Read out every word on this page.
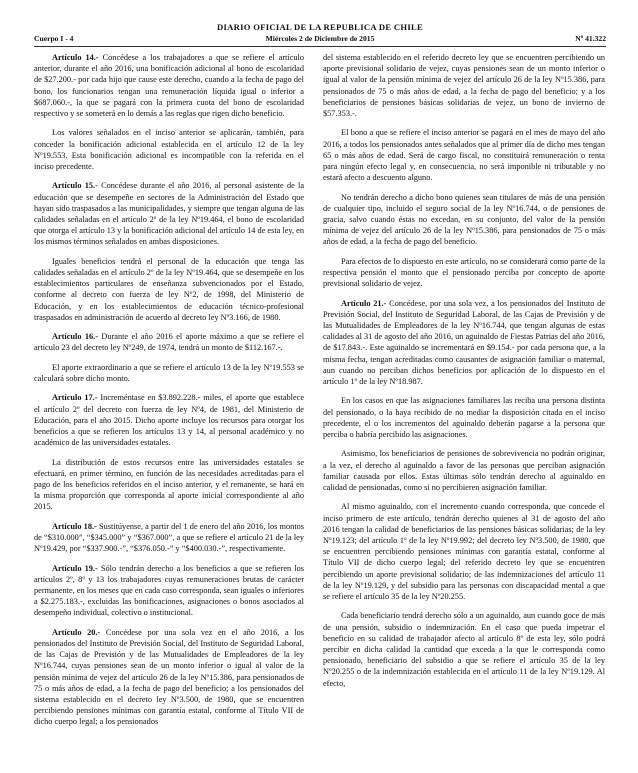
DIARIO OFICIAL DE LA REPUBLICA DE CHILE
Miércoles 2 de Diciembre de 2015
Cuerpo I - 4	Nº 41.322

Artículo 14.- Concédese a los trabajadores a que se refiere el artículo anterior, durante el año 2016, una bonificación adicional al bono de escolaridad de $27.200.- por cada hijo que cause este derecho, cuando a la fecha de pago del bono, los funcionarios tengan una remuneración líquida igual o inferior a $687.060.-, la que se pagará con la primera cuota del bono de escolaridad respectivo y se someterá en lo demás a las reglas que rigen dicho beneficio.

Los valores señalados en el inciso anterior se aplicarán, también, para conceder la bonificación adicional establecida en el artículo 12 de la ley Nº19.553. Esta bonificación adicional es incompatible con la referida en el inciso precedente.

Artículo 15.- Concédese durante el año 2016, al personal asistente de la educación que se desempeñe en sectores de la Administración del Estado que hayan sido traspasados a las municipalidades, y siempre que tengan alguna de las calidades señaladas en el artículo 2º de la ley Nº19.464, el bono de escolaridad que otorga el artículo 13 y la bonificación adicional del artículo 14 de esta ley, en los mismos términos señalados en ambas disposiciones.

Iguales beneficios tendrá el personal de la educación que tenga las calidades señaladas en el artículo 2º de la ley Nº19.464, que se desempeñe en los establecimientos particulares de enseñanza subvencionados por el Estado, conforme al decreto con fuerza de ley Nº2, de 1998, del Ministerio de Educación, y en los establecimientos de educación técnico-profesional traspasados en administración de acuerdo al decreto ley Nº3.166, de 1980.

Artículo 16.- Durante el año 2016 el aporte máximo a que se refiere el artículo 23 del decreto ley Nº249, de 1974, tendrá un monto de $112.167.-.

El aporte extraordinario a que se refiere el artículo 13 de la ley Nº19.553 se calculará sobre dicho monto.

Artículo 17.- Increméntase en $3.892.228.- miles, el aporte que establece el artículo 2º del decreto con fuerza de ley Nº4, de 1981, del Ministerio de Educación, para el año 2015. Dicho aporte incluye los recursos para otorgar los beneficios a que se refieren los artículos 13 y 14, al personal académico y no académico de las universidades estatales.

La distribución de estos recursos entre las universidades estatales se efectuará, en primer término, en función de las necesidades acreditadas para el pago de los beneficios referidos en el inciso anterior, y el remanente, se hará en la misma proporción que corresponda al aporte inicial correspondiente al año 2015.

Artículo 18.- Sustitúyense, a partir del 1 de enero del año 2016, los montos de “$310.000”, “$345.000” y “$367.000”, a que se refiere el artículo 21 de la ley Nº19.429, por “$337.900.-”, “$376.050.-” y “$400.030.-”, respectivamente.

Artículo 19.- Sólo tendrán derecho a los beneficios a que se refieren los artículos 2º, 8º y 13 los trabajadores cuyas remuneraciones brutas de carácter permanente, en los meses que en cada caso corresponda, sean iguales o inferiores a $2.275.183.-, excluidas las bonificaciones, asignaciones o bonos asociados al desempeño individual, colectivo o institucional.

Artículo 20.- Concédese por una sola vez en el año 2016, a los pensionados del Instituto de Previsión Social, del Instituto de Seguridad Laboral, de las Cajas de Previsión y de las Mutualidades de Empleadores de la ley Nº16.744, cuyas pensiones sean de un monto inferior o igual al valor de la pensión mínima de vejez del artículo 26 de la ley Nº15.386, para pensionados de 75 o más años de edad, a la fecha de pago del beneficio; a los pensionados del sistema establecido en el decreto ley Nº3.500, de 1980, que se encuentren percibiendo pensiones mínimas con garantía estatal, conforme al Título VII de dicho cuerpo legal; a los pensionados

del sistema establecido en el referido decreto ley que se encuentren percibiendo un aporte previsional solidario de vejez, cuyas pensiones sean de un monto inferior o igual al valor de la pensión mínima de vejez del artículo 26 de la ley Nº15.386, para pensionados de 75 o más años de edad, a la fecha de pago del beneficio; y a los beneficiarios de pensiones básicas solidarias de vejez, un bono de invierno de $57.353.-.

El bono a que se refiere el inciso anterior se pagará en el mes de mayo del año 2016, a todos los pensionados antes señalados que al primer día de dicho mes tengan 65 o más años de edad. Será de cargo fiscal, no constituirá remuneración o renta para ningún efecto legal y, en consecuencia, no será imponible ni tributable y no estará afecto a descuento alguno.

No tendrán derecho a dicho bono quienes sean titulares de más de una pensión de cualquier tipo, incluido el seguro social de la ley Nº16.744, o de pensiones de gracia, salvo cuando éstas no excedan, en su conjunto, del valor de la pensión mínima de vejez del artículo 26 de la ley Nº15.386, para pensionados de 75 o más años de edad, a la fecha de pago del beneficio.

Para efectos de lo dispuesto en este artículo, no se considerará como parte de la respectiva pensión el monto que el pensionado perciba por concepto de aporte previsional solidario de vejez.

Artículo 21.- Concédese, por una sola vez, a los pensionados del Instituto de Previsión Social, del Instituto de Seguridad Laboral, de las Cajas de Previsión y de las Mutualidades de Empleadores de la ley Nº16.744, que tengan algunas de estas calidades al 31 de agosto del año 2016, un aguinaldo de Fiestas Patrias del año 2016, de $17.843.-. Este aguinaldo se incrementará en $9.154.- por cada persona que, a la misma fecha, tengan acreditadas como causantes de asignación familiar o maternal, aun cuando no perciban dichos beneficios por aplicación de lo dispuesto en el artículo 1º de la ley Nº18.987.

En los casos en que las asignaciones familiares las reciba una persona distinta del pensionado, o la haya recibido de no mediar la disposición citada en el inciso precedente, el o los incrementos del aguinaldo deberán pagarse a la persona que perciba o habría percibido las asignaciones.

Asimismo, los beneficiarios de pensiones de sobrevivencia no podrán originar, a la vez, el derecho al aguinaldo a favor de las personas que perciban asignación familiar causada por ellos. Estas últimas sólo tendrán derecho al aguinaldo en calidad de pensionadas, como si no percibieren asignación familiar.

Al mismo aguinaldo, con el incremento cuando corresponda, que concede el inciso primero de este artículo, tendrán derecho quienes al 31 de agosto del año 2016 tengan la calidad de beneficiarios de las pensiones básicas solidarias; de la ley Nº19.123; del artículo 1º de la ley Nº19.992; del decreto ley Nº3.500, de 1980, que se encuentren percibiendo pensiones mínimas con garantía estatal, conforme al Título VII de dicho cuerpo legal; del referido decreto ley que se encuentren percibiendo un aporte previsional solidario; de las indemnizaciones del artículo 11 de la ley Nº19.129, y del subsidio para las personas con discapacidad mental a que se refiere el artículo 35 de la ley Nº20.255.

Cada beneficiario tendrá derecho sólo a un aguinaldo, aun cuando goce de más de una pensión, subsidio o indemnización. En el caso que pueda impetrar el beneficio en su calidad de trabajador afecto al artículo 8º de esta ley, sólo podrá percibir en dicha calidad la cantidad que exceda a la que le corresponda como pensionado, beneficiario del subsidio a que se refiere el artículo 35 de la ley Nº20.255 o de la indemnización establecida en el artículo 11 de la ley Nº19.129. Al efecto,
